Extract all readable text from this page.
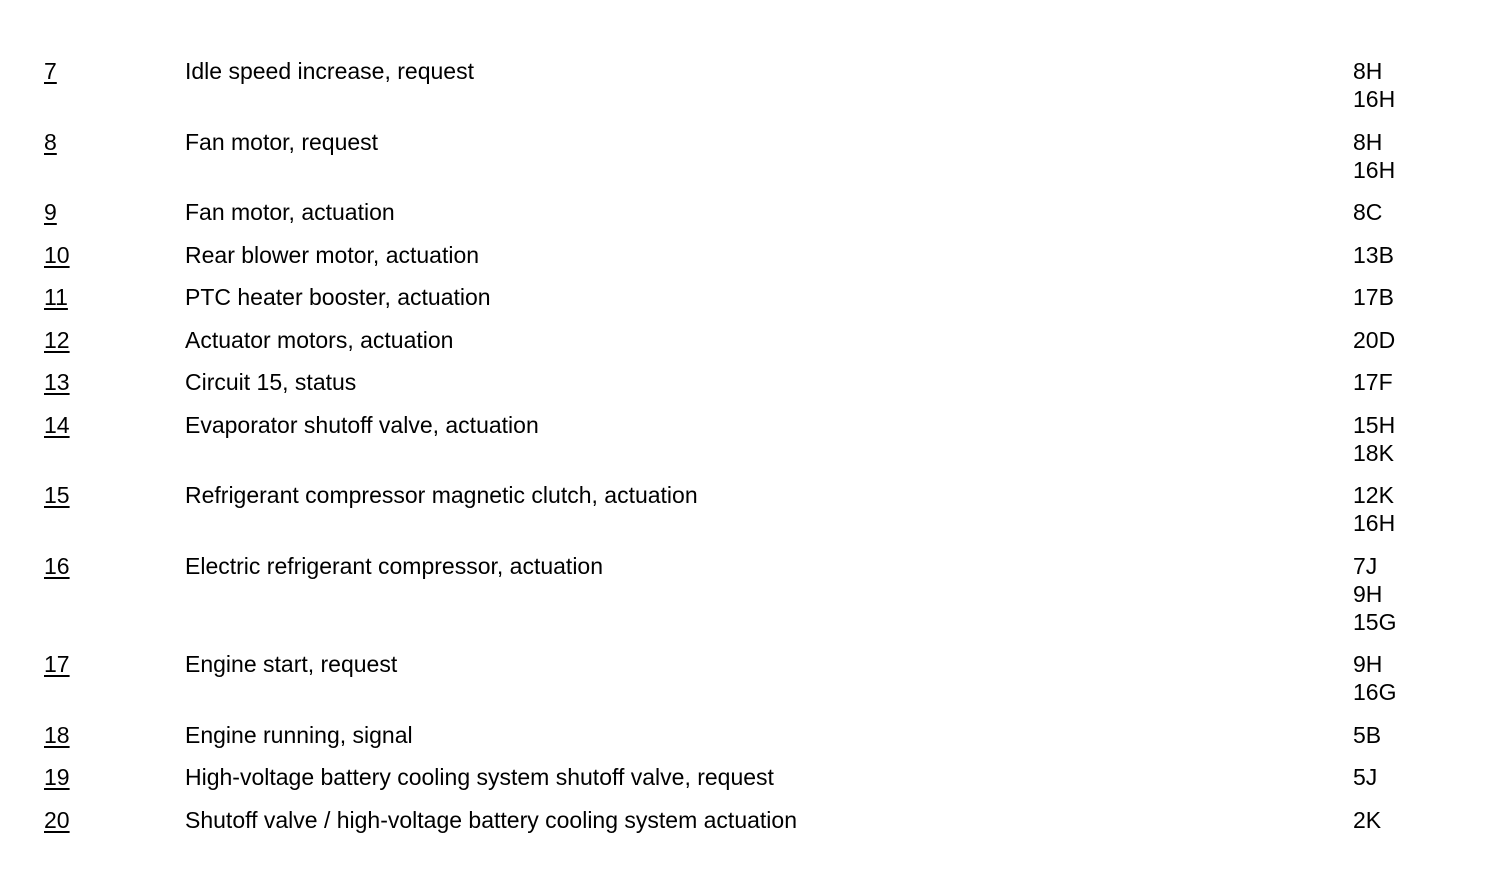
7	Idle speed increase, request	8H
16H
8	Fan motor, request	8H
16H
9	Fan motor, actuation	8C
10	Rear blower motor, actuation	13B
11	PTC heater booster, actuation	17B
12	Actuator motors, actuation	20D
13	Circuit 15, status	17F
14	Evaporator shutoff valve, actuation	15H
18K
15	Refrigerant compressor magnetic clutch, actuation	12K
16H
16	Electric refrigerant compressor, actuation	7J
9H
15G
17	Engine start, request	9H
16G
18	Engine running, signal	5B
19	High-voltage battery cooling system shutoff valve, request	5J
20	Shutoff valve / high-voltage battery cooling system actuation	2K
